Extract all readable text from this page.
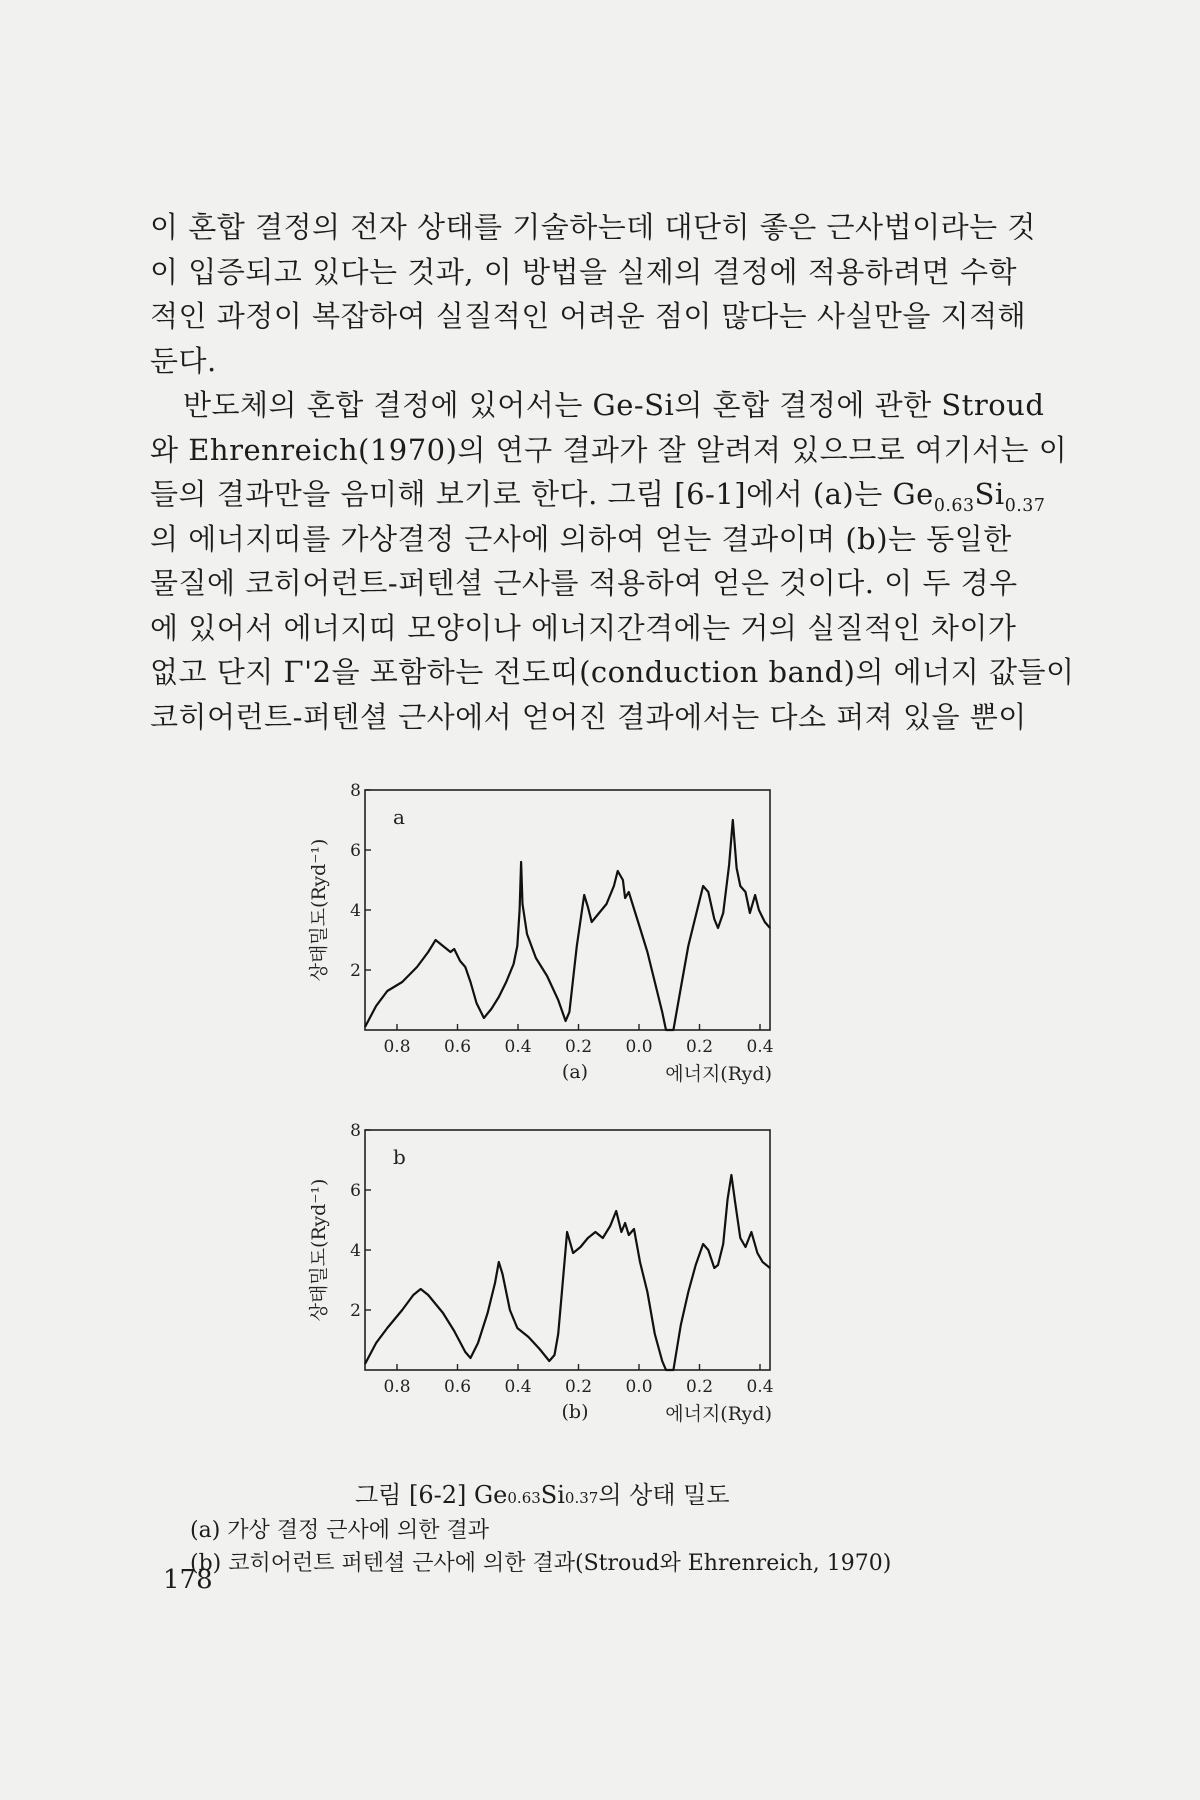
이 혼합 결정의 전자 상태를 기술하는데 대단히 좋은 근사법이라는 것
이 입증되고 있다는 것과, 이 방법을 실제의 결정에 적용하려면 수학
적인 과정이 복잡하여 실질적인 어려운 점이 많다는 사실만을 지적해
둔다.
반도체의 혼합 결정에 있어서는 Ge-Si의 혼합 결정에 관한 Stroud
와 Ehrenreich(1970)의 연구 결과가 잘 알려져 있으므로 여기서는 이
들의 결과만을 음미해 보기로 한다. 그림 [6-1]에서 (a)는 $Ge_{0.63}Si_{0.37}$
의 에너지띠를 가상결정 근사에 의하여 얻는 결과이며 (b)는 동일한
물질에 코히어런트-퍼텐셜 근사를 적용하여 얻은 것이다. 이 두 경우
에 있어서 에너지띠 모양이나 에너지간격에는 거의 실질적인 차이가
없고 단지 Γ'2을 포함하는 전도띠(conduction band)의 에너지 값들이
코히어런트-퍼텐셜 근사에서 얻어진 결과에서는 다소 퍼져 있을 뿐이
2
4
6
8
0.8 0.6 0.4 0.2 0.0 0.2 0.4
a
(a)	에너지(Ryd)
상태밀도(Ryd⁻¹)
2
4
6
8
0.8 0.6 0.4 0.2 0.0 0.2 0.4
b
(b)	에너지(Ryd)
상태밀도(Ryd⁻¹)
그림 [6-2] Ge0.63Si0.37의 상태 밀도
(a) 가상 결정 근사에 의한 결과
(b) 코히어런트 퍼텐셜 근사에 의한 결과(Stroud와 Ehrenreich, 1970)
178
